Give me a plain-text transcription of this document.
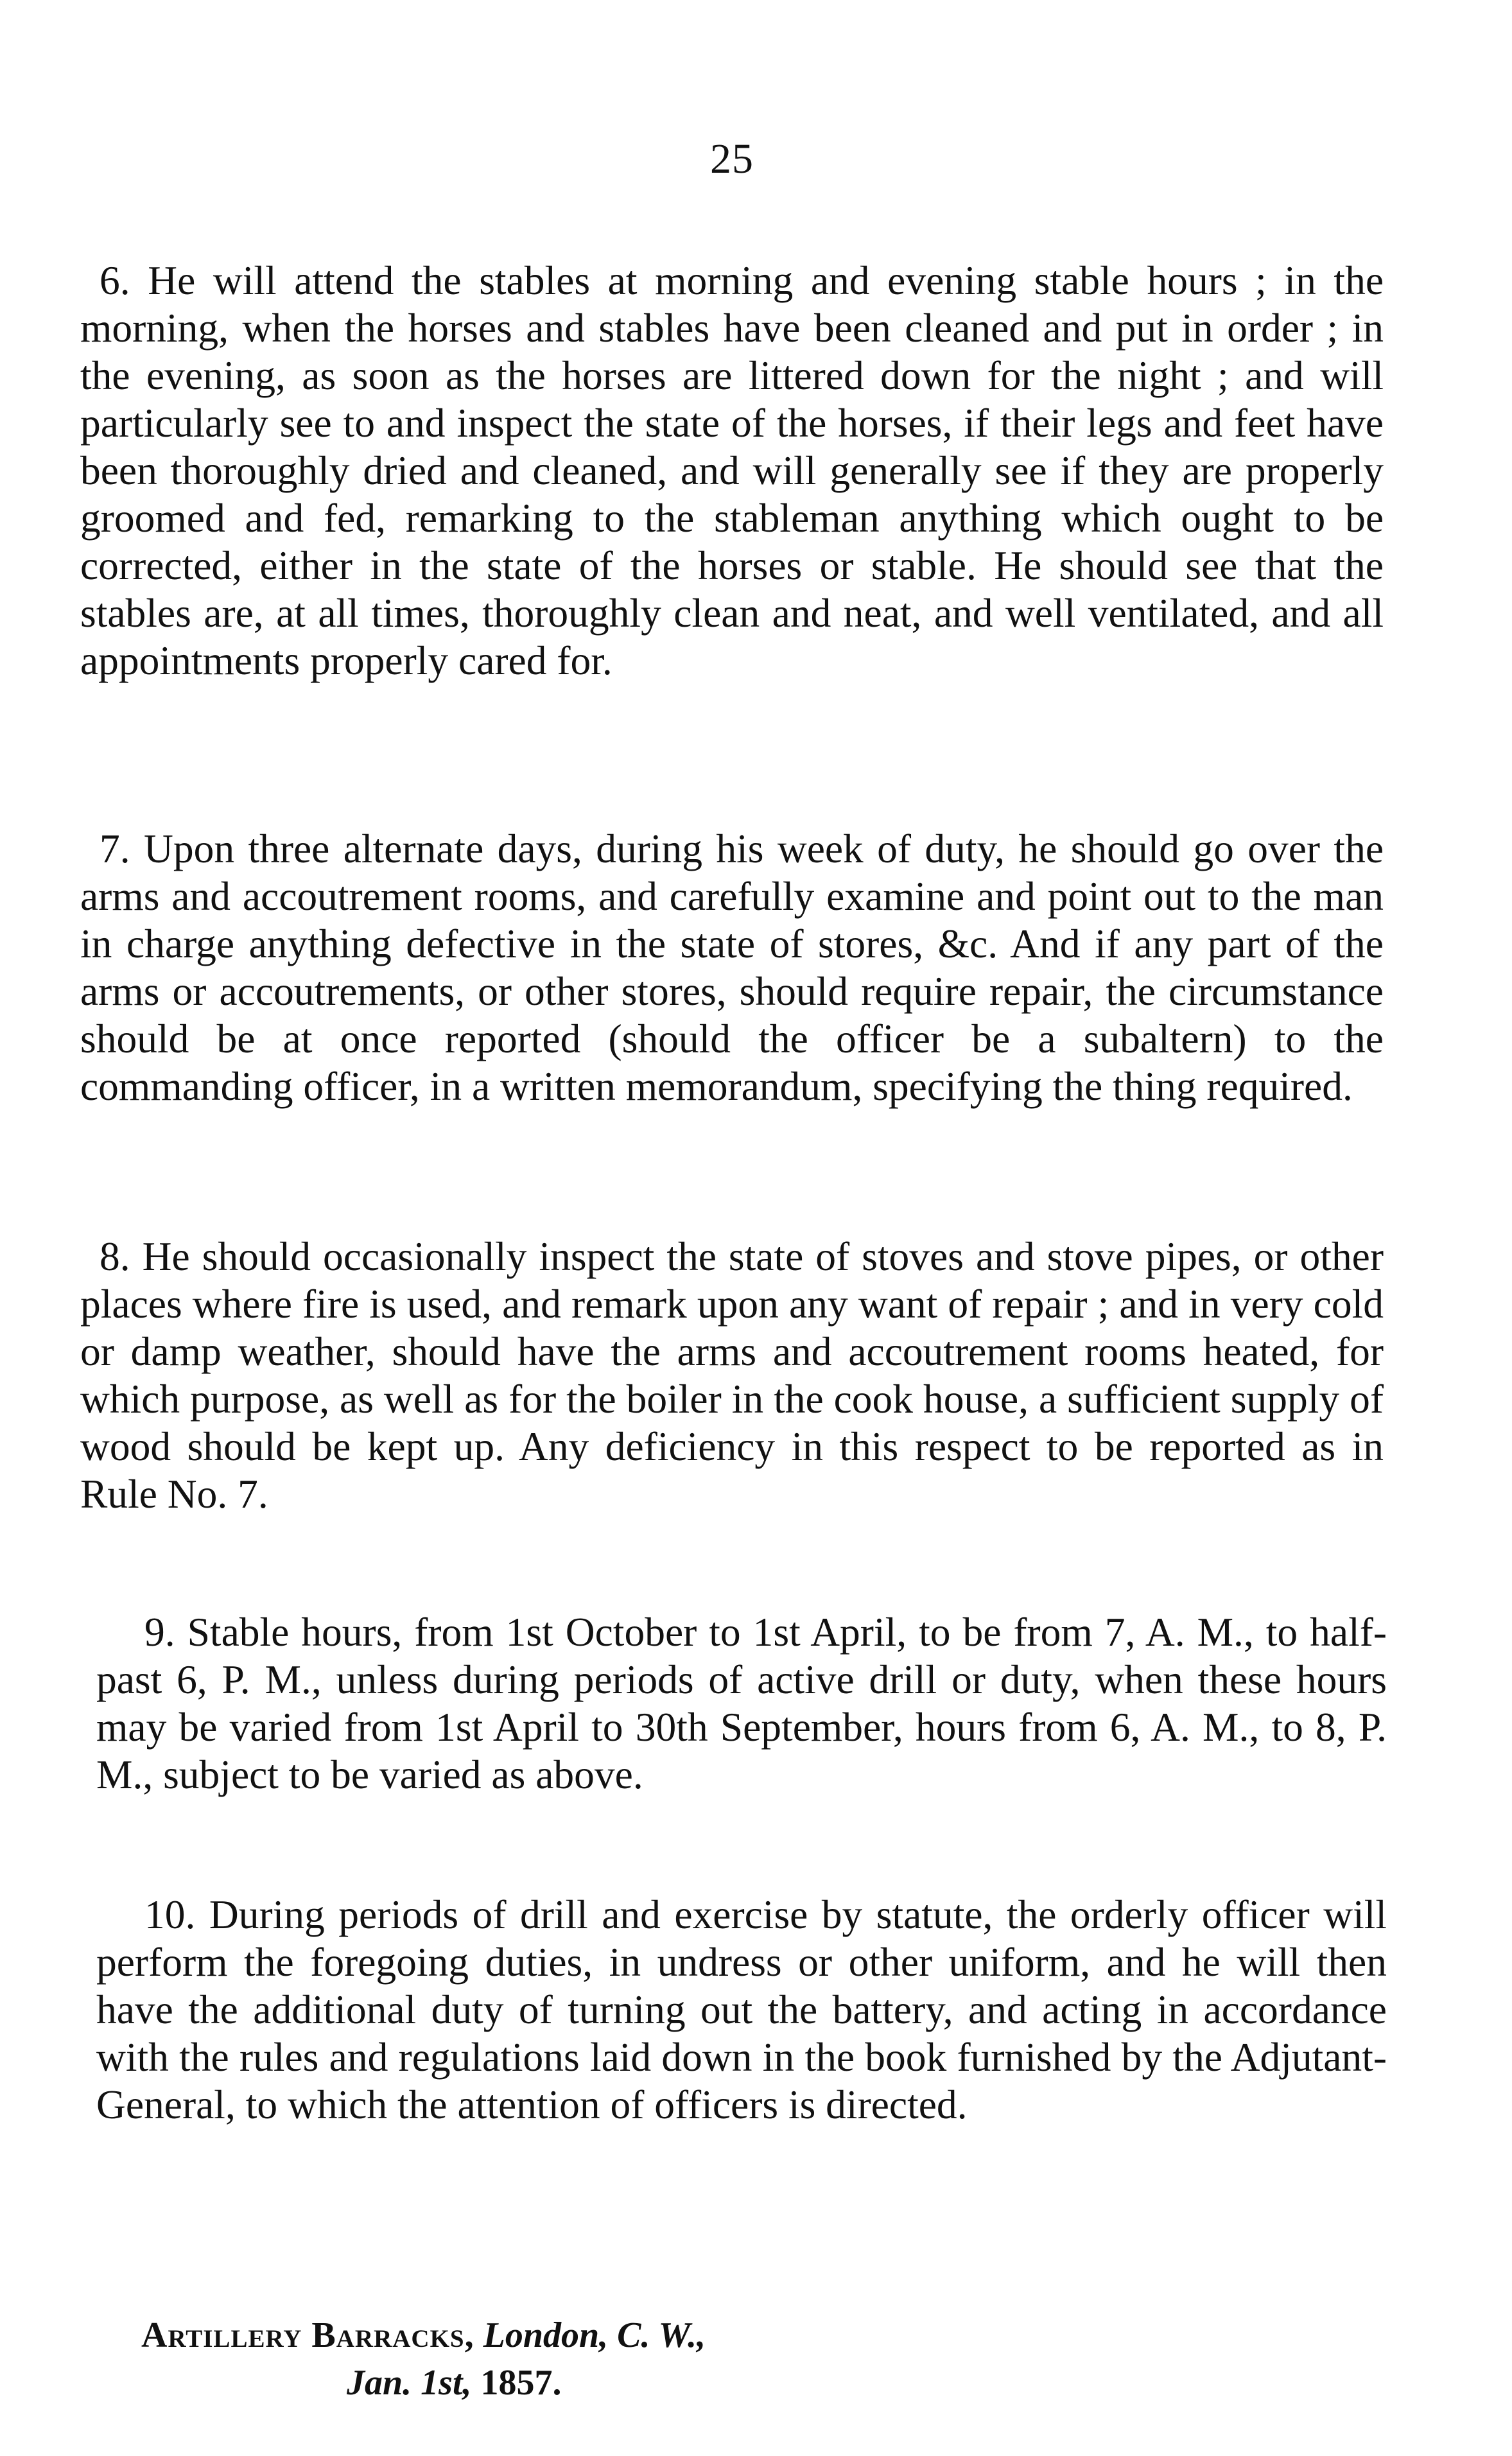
25

6. He will attend the stables at morning and evening stable hours ; in the morning, when the horses and stables have been cleaned and put in order ; in the evening, as soon as the horses are littered down for the night ; and will particularly see to and inspect the state of the horses, if their legs and feet have been thoroughly dried and cleaned, and will generally see if they are properly groomed and fed, remarking to the stableman anything which ought to be corrected, either in the state of the horses or stable. He should see that the stables are, at all times, thoroughly clean and neat, and well ventilated, and all appointments properly cared for.

7. Upon three alternate days, during his week of duty, he should go over the arms and accoutrement rooms, and carefully examine and point out to the man in charge anything defective in the state of stores, &c. And if any part of the arms or accoutrements, or other stores, should require repair, the circumstance should be at once reported (should the officer be a subaltern) to the commanding officer, in a written memorandum, specifying the thing required.

8. He should occasionally inspect the state of stoves and stove pipes, or other places where fire is used, and remark upon any want of repair ; and in very cold or damp weather, should have the arms and accoutrement rooms heated, for which purpose, as well as for the boiler in the cook house, a sufficient supply of wood should be kept up. Any deficiency in this respect to be reported as in Rule No. 7.

9. Stable hours, from 1st October to 1st April, to be from 7, A. M., to half-past 6, P. M., unless during periods of active drill or duty, when these hours may be varied from 1st April to 30th September, hours from 6, A. M., to 8, P. M., subject to be varied as above.

10. During periods of drill and exercise by statute, the orderly officer will perform the foregoing duties, in undress or other uniform, and he will then have the additional duty of turning out the battery, and acting in accordance with the rules and regulations laid down in the book furnished by the Adjutant-General, to which the attention of officers is directed.

Artillery Barracks, London, C. W.,
Jan. 1st, 1857.
